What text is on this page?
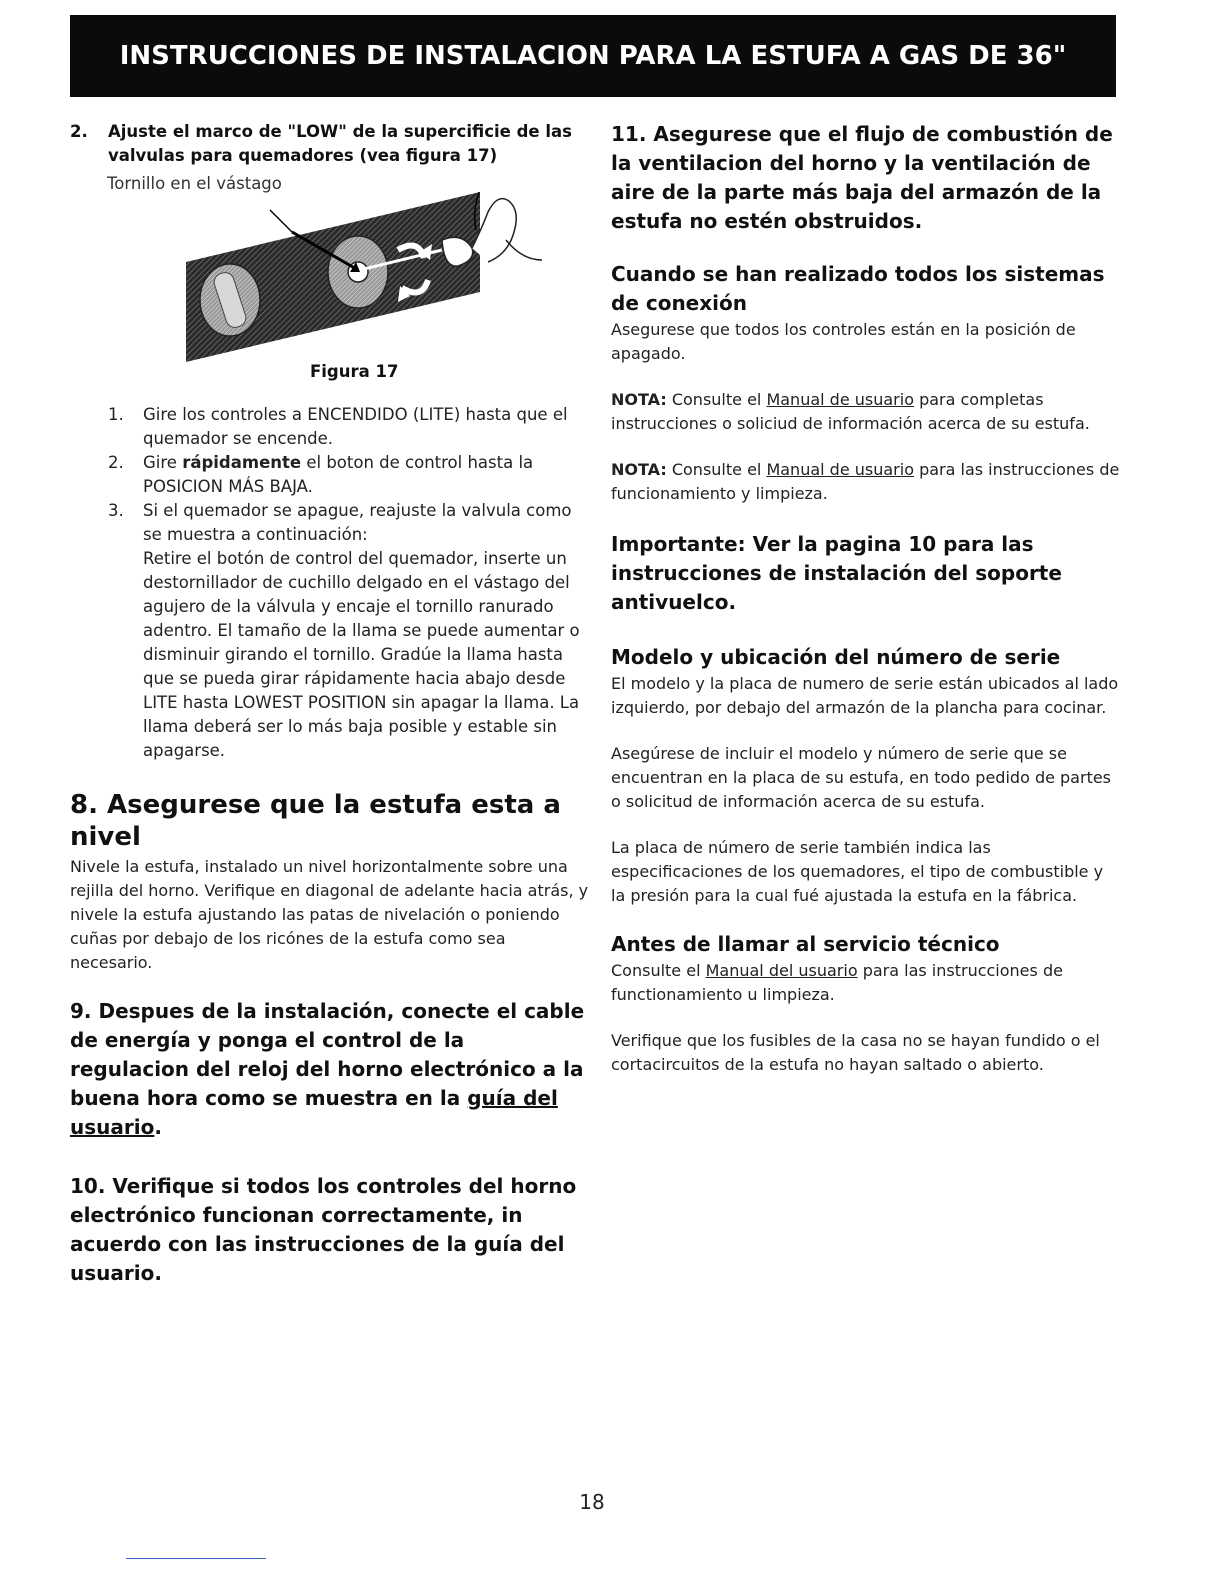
INSTRUCCIONES DE INSTALACION PARA LA ESTUFA A GAS DE 36"
2.	Ajuste el marco de "LOW" de la supercificie de las valvulas para quemadores (vea figura 17)
Tornillo en el vástago
Figura 17
1.	Gire los controles a ENCENDIDO (LITE) hasta que el quemador se encende.
2.	Gire rápidamente el boton de control hasta la POSICION MÁS BAJA.
3.	Si el quemador se apague, reajuste la valvula como se muestra a continuación:
Retire el botón de control del quemador, inserte un destornillador de cuchillo delgado en el vástago del agujero de la válvula y encaje el tornillo ranurado adentro. El tamaño de la llama se puede aumentar o disminuir girando el tornillo. Gradúe la llama hasta que se pueda girar rápidamente hacia abajo desde LITE hasta LOWEST POSITION sin apagar la llama. La llama deberá ser lo más baja posible y estable sin apagarse.
8. Asegurese que la estufa esta a nivel

Nivele la estufa, instalado un nivel horizontalmente sobre una rejilla del horno. Verifique en diagonal de adelante hacia atrás, y nivele la estufa ajustando las patas de nivelación o poniendo cuñas por debajo de los ricónes de la estufa como sea necesario.

9. Despues de la instalación, conecte el cable de energía y ponga el control de la regulacion del reloj del horno electrónico a la buena hora como se muestra en la guía del usuario.
10. Verifique si todos los controles del horno electrónico funcionan correctamente, in acuerdo con las instrucciones de la guía del usuario.
11. Asegurese que el flujo de combustión de la ventilacion del horno y la ventilación de aire de la parte más baja del armazón de la estufa no estén obstruidos.
Cuando se han realizado todos los sistemas de conexión

Asegurese que todos los controles están en la posición de apagado.

NOTA: Consulte el Manual de usuario para completas instrucciones o soliciud de información acerca de su estufa.

NOTA: Consulte el Manual de usuario para las instrucciones de funcionamiento y limpieza.

Importante: Ver la pagina 10 para las instrucciones de instalación del soporte antivuelco.
Modelo y ubicación del número de serie

El modelo y la placa de numero de serie están ubicados al lado izquierdo, por debajo del armazón de la plancha para cocinar.

Asegúrese de incluir el modelo y número de serie que se encuentran en la placa de su estufa, en todo pedido de partes o solicitud de información acerca de su estufa.

La placa de número de serie también indica las especificaciones de los quemadores, el tipo de combustible y la presión para la cual fué ajustada la estufa en la fábrica.

Antes de llamar al servicio técnico

Consulte el Manual del usuario para las instrucciones de functionamiento u limpieza.

Verifique que los fusibles de la casa no se hayan fundido o el cortacircuitos de la estufa no hayan saltado o abierto.

18
